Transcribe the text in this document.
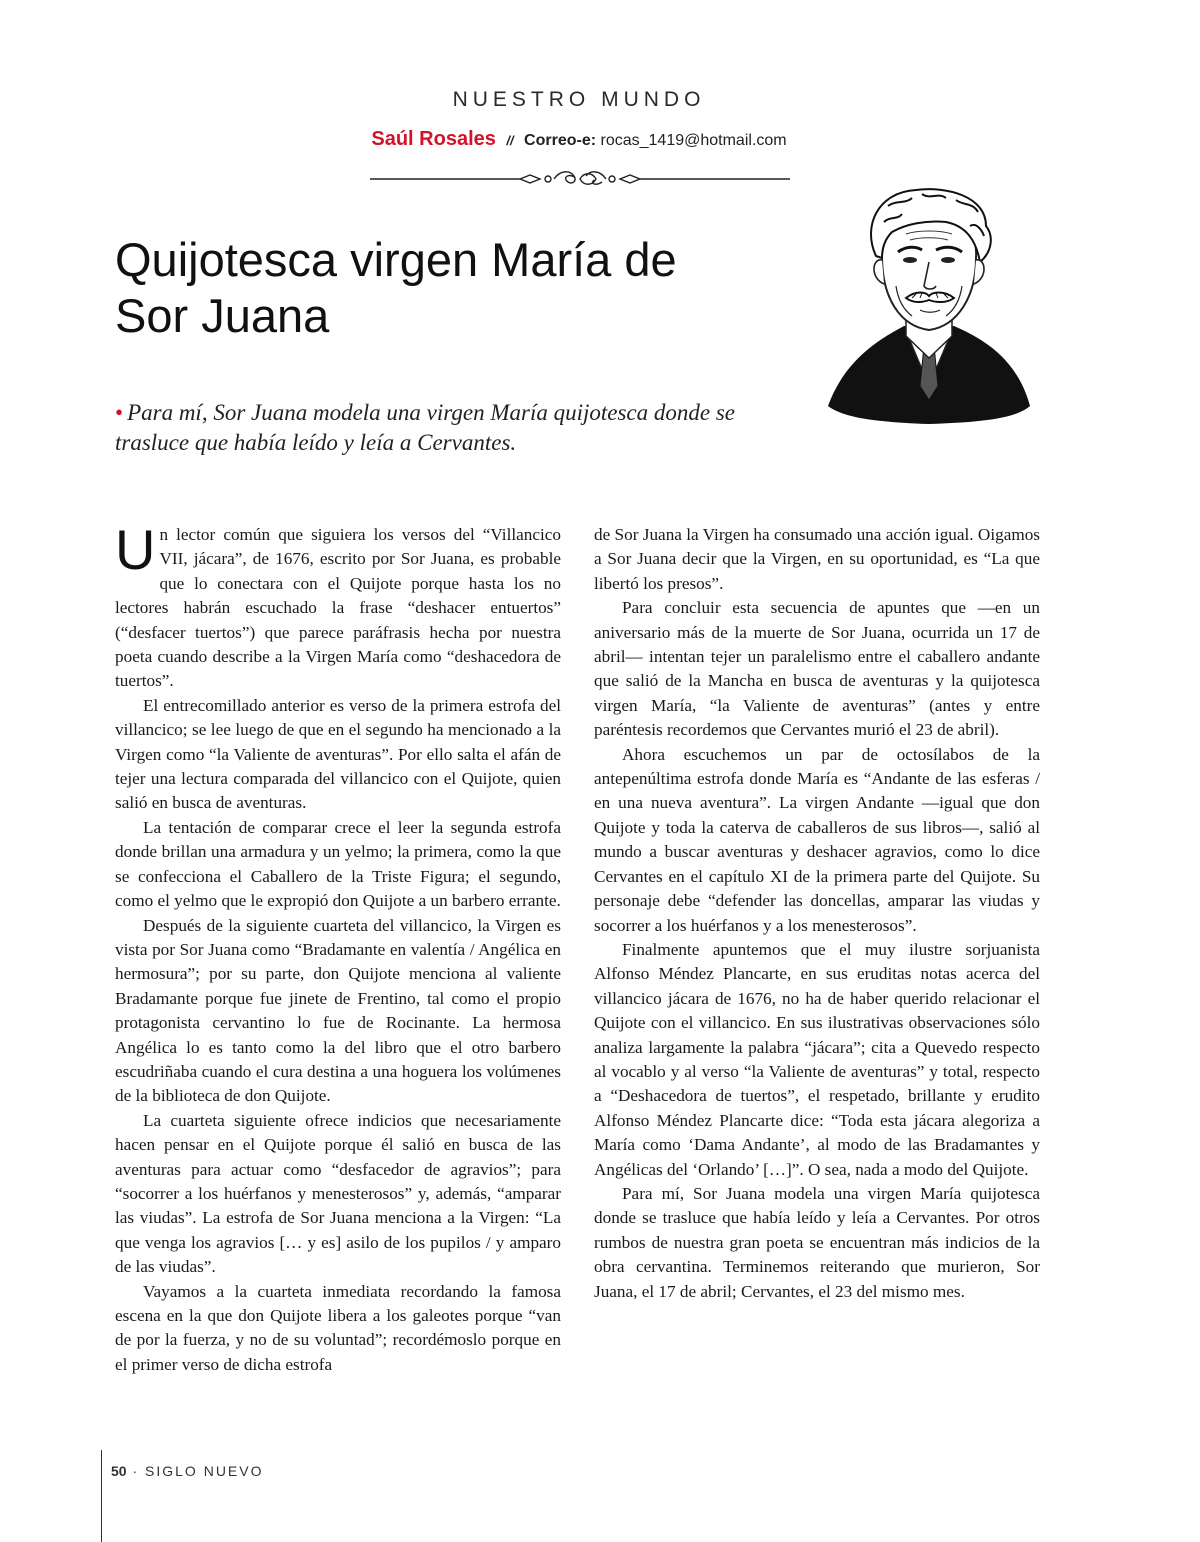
NUESTRO MUNDO
Saúl Rosales // Correo-e: rocas_1419@hotmail.com
Quijotesca virgen María de Sor Juana

• Para mí, Sor Juana modela una virgen María quijotesca donde se trasluce que había leído y leía a Cervantes.

Un lector común que siguiera los versos del “Villancico VII, jácara”, de 1676, escrito por Sor Juana, es probable que lo conectara con el Quijote porque hasta los no lectores habrán escuchado la frase “deshacer entuertos” (“desfacer tuertos”) que parece paráfrasis hecha por nuestra poeta cuando describe a la Virgen María como “deshacedora de tuertos”.

El entrecomillado anterior es verso de la primera estrofa del villancico; se lee luego de que en el segundo ha mencionado a la Virgen como “la Valiente de aventuras”. Por ello salta el afán de tejer una lectura comparada del villancico con el Quijote, quien salió en busca de aventuras.

La tentación de comparar crece el leer la segunda estrofa donde brillan una armadura y un yelmo; la primera, como la que se confecciona el Caballero de la Triste Figura; el segundo, como el yelmo que le expropió don Quijote a un barbero errante.

Después de la siguiente cuarteta del villancico, la Virgen es vista por Sor Juana como “Bradamante en valentía / Angélica en hermosura”; por su parte, don Quijote menciona al valiente Bradamante porque fue jinete de Frentino, tal como el propio protagonista cervantino lo fue de Rocinante. La hermosa Angélica lo es tanto como la del libro que el otro barbero escudriñaba cuando el cura destina a una hoguera los volúmenes de la biblioteca de don Quijote.

La cuarteta siguiente ofrece indicios que necesariamente hacen pensar en el Quijote porque él salió en busca de las aventuras para actuar como “desfacedor de agravios”; para “socorrer a los huérfanos y menesterosos” y, además, “amparar las viudas”. La estrofa de Sor Juana menciona a la Virgen: “La que venga los agravios [… y es] asilo de los pupilos / y amparo de las viudas”.

Vayamos a la cuarteta inmediata recordando la famosa escena en la que don Quijote libera a los galeotes porque “van de por la fuerza, y no de su voluntad”; recordémoslo porque en el primer verso de dicha estrofa

de Sor Juana la Virgen ha consumado una acción igual. Oigamos a Sor Juana decir que la Virgen, en su oportunidad, es “La que libertó los presos”.

Para concluir esta secuencia de apuntes que —en un aniversario más de la muerte de Sor Juana, ocurrida un 17 de abril— intentan tejer un paralelismo entre el caballero andante que salió de la Mancha en busca de aventuras y la quijotesca virgen María, “la Valiente de aventuras” (antes y entre paréntesis recordemos que Cervantes murió el 23 de abril).

Ahora escuchemos un par de octosílabos de la antepenúltima estrofa donde María es “Andante de las esferas / en una nueva aventura”. La virgen Andante —igual que don Quijote y toda la caterva de caballeros de sus libros—, salió al mundo a buscar aventuras y deshacer agravios, como lo dice Cervantes en el capítulo XI de la primera parte del Quijote. Su personaje debe “defender las doncellas, amparar las viudas y socorrer a los huérfanos y a los menesterosos”.

Finalmente apuntemos que el muy ilustre sorjuanista Alfonso Méndez Plancarte, en sus eruditas notas acerca del villancico jácara de 1676, no ha de haber querido relacionar el Quijote con el villancico. En sus ilustrativas observaciones sólo analiza largamente la palabra “jácara”; cita a Quevedo respecto al vocablo y al verso “la Valiente de aventuras” y total, respecto a “Deshacedora de tuertos”, el respetado, brillante y erudito Alfonso Méndez Plancarte dice: “Toda esta jácara alegoriza a María como ‘Dama Andante’, al modo de las Bradamantes y Angélicas del ‘Orlando’ […]”. O sea, nada a modo del Quijote.

Para mí, Sor Juana modela una virgen María quijotesca donde se trasluce que había leído y leía a Cervantes. Por otros rumbos de nuestra gran poeta se encuentran más indicios de la obra cervantina. Terminemos reiterando que murieron, Sor Juana, el 17 de abril; Cervantes, el 23 del mismo mes.

50 · SIGLO NUEVO
